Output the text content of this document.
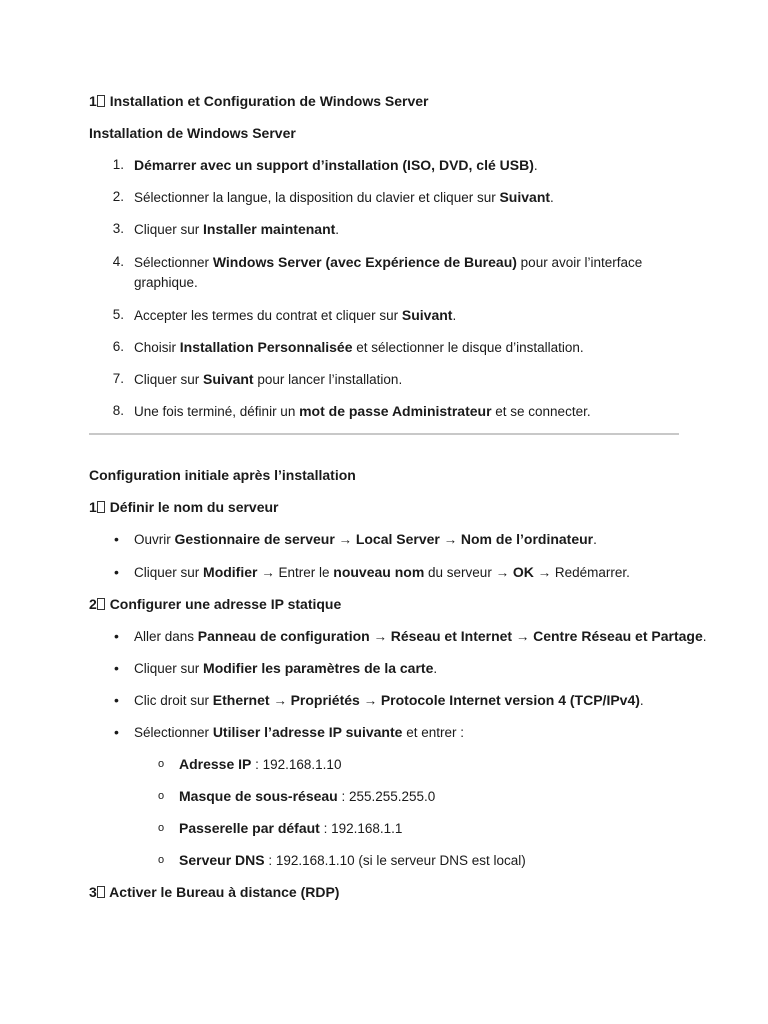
1 Installation et Configuration de Windows Server
Installation de Windows Server
1. Démarrer avec un support d’installation (ISO, DVD, clé USB).
2. Sélectionner la langue, la disposition du clavier et cliquer sur Suivant.
3. Cliquer sur Installer maintenant.
4. Sélectionner Windows Server (avec Expérience de Bureau) pour avoir l’interface
graphique.
5. Accepter les termes du contrat et cliquer sur Suivant.
6. Choisir Installation Personnalisée et sélectionner le disque d’installation.
7. Cliquer sur Suivant pour lancer l’installation.
8. Une fois terminé, définir un mot de passe Administrateur et se connecter.
Configuration initiale après l’installation
1 Définir le nom du serveur
• Ouvrir Gestionnaire de serveur → Local Server → Nom de l’ordinateur.
• Cliquer sur Modifier → Entrer le nouveau nom du serveur → OK → Redémarrer.
2 Configurer une adresse IP statique
• Aller dans Panneau de configuration → Réseau et Internet → Centre Réseau et Partage.
• Cliquer sur Modifier les paramètres de la carte.
• Clic droit sur Ethernet → Propriétés → Protocole Internet version 4 (TCP/IPv4).
• Sélectionner Utiliser l’adresse IP suivante et entrer :
o Adresse IP : 192.168.1.10
o Masque de sous-réseau : 255.255.255.0
o Passerelle par défaut : 192.168.1.1
o Serveur DNS : 192.168.1.10 (si le serveur DNS est local)
3 Activer le Bureau à distance (RDP)
